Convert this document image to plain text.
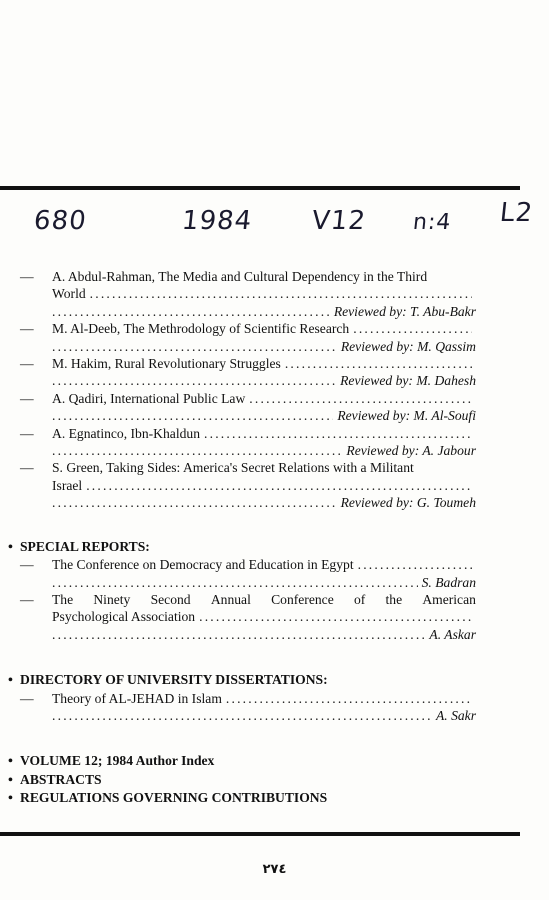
680	1984 V12 n:4 L2
—	A. Abdul-Rahman, The Media and Cultural Dependency in the Third
World
.....
.....
Reviewed by: T. Abu-Bakr
—	M. Al-Deeb, The Methrodology of Scientific Research
.....
.....
Reviewed by: M. Qassim
—	M. Hakim, Rural Revolutionary Struggles
.....
.....
Reviewed by: M. Dahesh
—	A. Qadiri, International Public Law
.....
.....
Reviewed by: M. Al-Soufi
—	A. Egnatinco, Ibn-Khaldun
.....
.....
Reviewed by: A. Jabour
—	S. Green, Taking Sides: America's Secret Relations with a Militant
Israel
.....
.....
Reviewed by: G. Toumeh
• SPECIAL REPORTS:
—	The Conference on Democracy and Education in Egypt
.....
.....
S. Badran
—	The Ninety Second Annual Conference of the American
Psychological Association
.....
.....
A. Askar
• DIRECTORY OF UNIVERSITY DISSERTATIONS:
—	Theory of AL-JEHAD in Islam
.....
.....
A. Sakr
• VOLUME 12; 1984 Author Index
• ABSTRACTS
• REGULATIONS GOVERNING CONTRIBUTIONS
٢٧٤
